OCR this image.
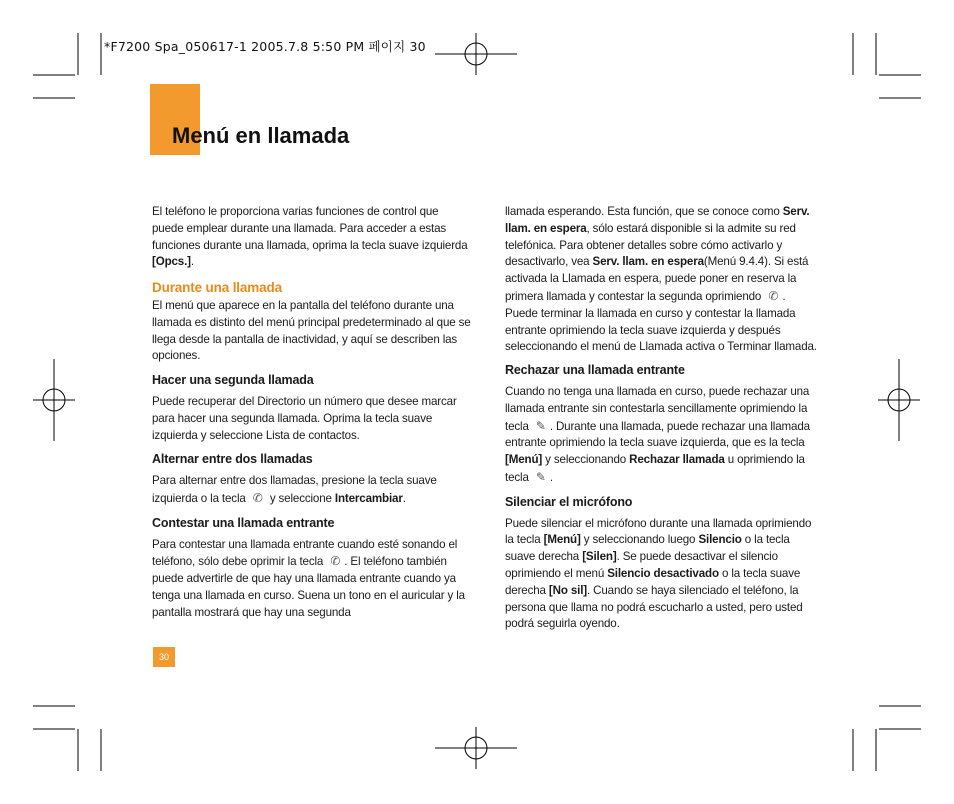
*F7200 Spa_050617-1 2005.7.8 5:50 PM 페이지 30
Menú en llamada

El teléfono le proporciona varias funciones de control que puede emplear durante una llamada. Para acceder a estas funciones durante una llamada, oprima la tecla suave izquierda [Opcs.].

Durante una llamada

El menú que aparece en la pantalla del teléfono durante una llamada es distinto del menú principal predeterminado al que se llega desde la pantalla de inactividad, y aquí se describen las opciones.

Hacer una segunda llamada

Puede recuperar del Directorio un número que desee marcar para hacer una segunda llamada. Oprima la tecla suave izquierda y seleccione Lista de contactos.

Alternar entre dos llamadas

Para alternar entre dos llamadas, presione la tecla suave izquierda o la tecla ✆ y seleccione Intercambiar.

Contestar una llamada entrante

Para contestar una llamada entrante cuando esté sonando el teléfono, sólo debe oprimir la tecla ✆ . El teléfono también puede advertirle de que hay una llamada entrante cuando ya tenga una llamada en curso. Suena un tono en el auricular y la pantalla mostrará que hay una segunda

llamada esperando. Esta función, que se conoce como Serv. llam. en espera, sólo estará disponible si la admite su red telefónica. Para obtener detalles sobre cómo activarlo y desactivarlo, vea Serv. llam. en espera(Menú 9.4.4). Si está activada la Llamada en espera, puede poner en reserva la primera llamada y contestar la segunda oprimiendo ✆ . Puede terminar la llamada en curso y contestar la llamada entrante oprimiendo la tecla suave izquierda y después seleccionando el menú de Llamada activa o Terminar llamada.

Rechazar una llamada entrante

Cuando no tenga una llamada en curso, puede rechazar una llamada entrante sin contestarla sencillamente oprimiendo la tecla ✎ . Durante una llamada, puede rechazar una llamada entrante oprimiendo la tecla suave izquierda, que es la tecla [Menú] y seleccionando Rechazar llamada u oprimiendo la tecla ✎ .

Silenciar el micrófono

Puede silenciar el micrófono durante una llamada oprimiendo la tecla [Menú] y seleccionando luego Silencio o la tecla suave derecha [Silen]. Se puede desactivar el silencio oprimiendo el menú Silencio desactivado o la tecla suave derecha [No sil]. Cuando se haya silenciado el teléfono, la persona que llama no podrá escucharlo a usted, pero usted podrá seguirla oyendo.

30
